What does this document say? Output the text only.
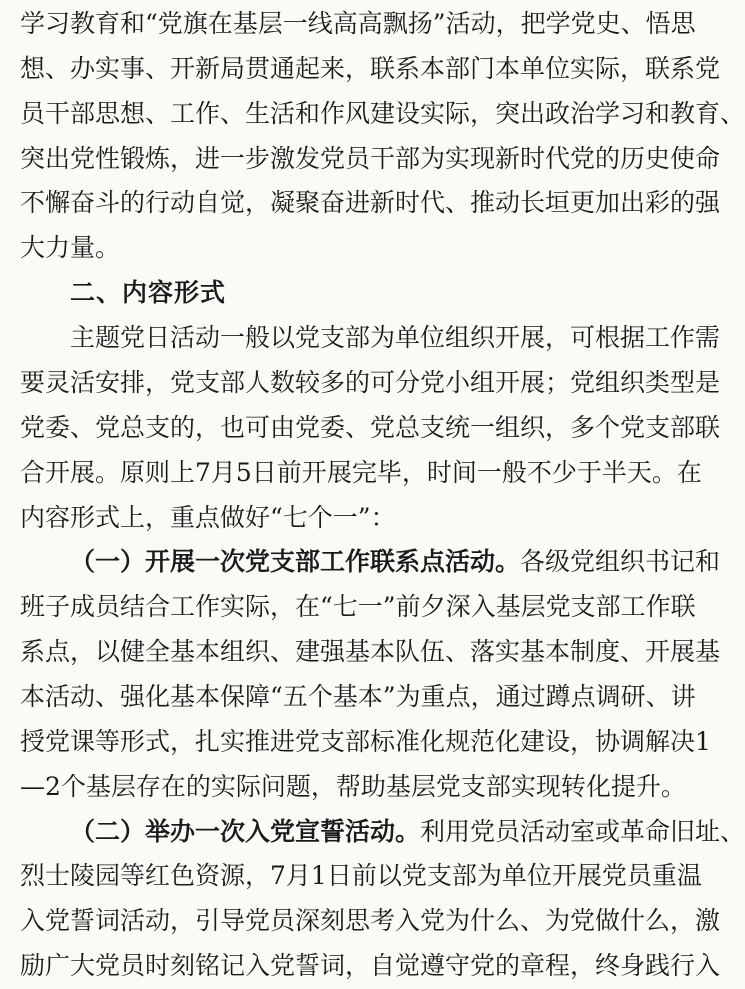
学习教育和“党旗在基层一线高高飘扬”活动，把学党史、悟思
想、办实事、开新局贯通起来，联系本部门本单位实际，联系党
员干部思想、工作、生活和作风建设实际，突出政治学习和教育、
突出党性锻炼，进一步激发党员干部为实现新时代党的历史使命
不懈奋斗的行动自觉，凝聚奋进新时代、推动长垣更加出彩的强
大力量。
二、内容形式
主题党日活动一般以党支部为单位组织开展，可根据工作需
要灵活安排，党支部人数较多的可分党小组开展；党组织类型是
党委、党总支的，也可由党委、党总支统一组织，多个党支部联
合开展。原则上7月5日前开展完毕，时间一般不少于半天。在
内容形式上，重点做好“七个一”：
（一）开展一次党支部工作联系点活动。各级党组织书记和
班子成员结合工作实际，在“七一”前夕深入基层党支部工作联
系点，以健全基本组织、建强基本队伍、落实基本制度、开展基
本活动、强化基本保障“五个基本”为重点，通过蹲点调研、讲
授党课等形式，扎实推进党支部标准化规范化建设，协调解决1
—2个基层存在的实际问题，帮助基层党支部实现转化提升。
（二）举办一次入党宣誓活动。利用党员活动室或革命旧址、
烈士陵园等红色资源，7月1日前以党支部为单位开展党员重温
入党誓词活动，引导党员深刻思考入党为什么、为党做什么，激
励广大党员时刻铭记入党誓词，自觉遵守党的章程，终身践行入
